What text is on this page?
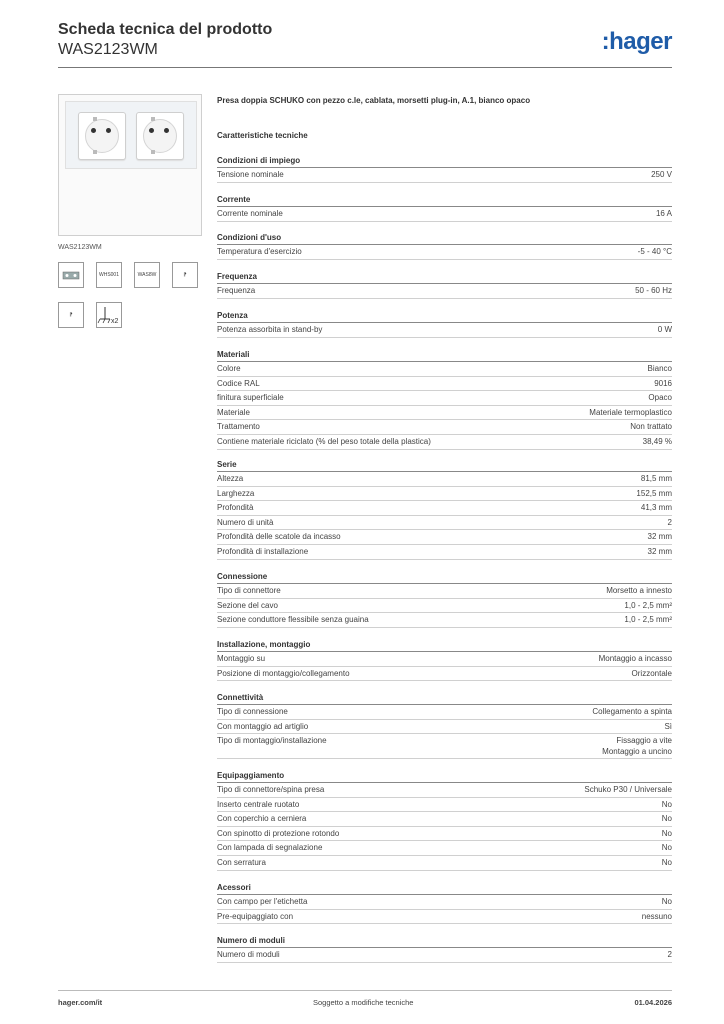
Scheda tecnica del prodotto
WAS2123WM	:hager
WAS2123WM
WHS001	WAS8W	⁋
⁋
x2
Presa doppia SCHUKO con pezzo c.le, cablata, morsetti plug-in, A.1, bianco opaco
Caratteristiche tecniche
Condizioni di impiego
Tensione nominale	250 V
Corrente
Corrente nominale	16 A
Condizioni d'uso
Temperatura d'esercizio	-5 - 40 °C
Frequenza
Frequenza	50 - 60 Hz
Potenza
Potenza assorbita in stand-by	0 W
Materiali
Colore	Bianco
Codice RAL	9016
finitura superficiale	Opaco
Materiale	Materiale termoplastico
Trattamento	Non trattato
Contiene materiale riciclato (% del peso totale della plastica)	38,49 %
Serie
Altezza	81,5 mm
Larghezza	152,5 mm
Profondità	41,3 mm
Numero di unità	2
Profondità delle scatole da incasso	32 mm
Profondità di installazione	32 mm
Connessione
Tipo di connettore	Morsetto a innesto
Sezione del cavo	1,0 - 2,5 mm²
Sezione conduttore flessibile senza guaina	1,0 - 2,5 mm²
Installazione, montaggio
Montaggio su	Montaggio a incasso
Posizione di montaggio/collegamento	Orizzontale
Connettività
Tipo di connessione	Collegamento a spinta
Con montaggio ad artiglio	Sì
Tipo di montaggio/installazione	Fissaggio a vite
Montaggio a uncino
Equipaggiamento
Tipo di connettore/spina presa	Schuko P30 / Universale
Inserto centrale ruotato	No
Con coperchio a cerniera	No
Con spinotto di protezione rotondo	No
Con lampada di segnalazione	No
Con serratura	No
Acessori
Con campo per l'etichetta	No
Pre-equipaggiato con	nessuno
Numero di moduli
Numero di moduli	2
hager.com/it	Soggetto a modifiche tecniche	01.04.2026
